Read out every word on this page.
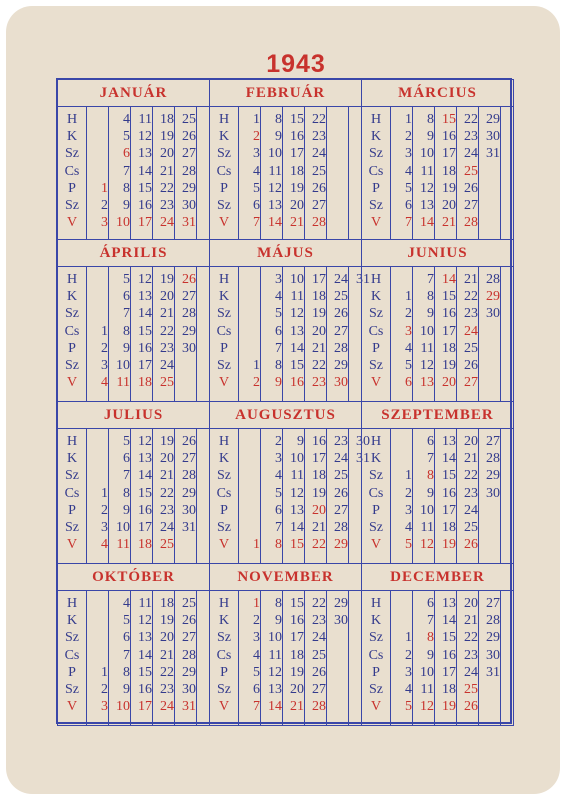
1943
JANUÁR
H
K
Sz
Cs
P
Sz
V
1
2
3
4
5
6
7
8
9
10
11
12
13
14
15
16
17
18
19
20
21
22
23
24
25
26
27
28
29
30
31
FEBRUÁR
H
K
Sz
Cs
P
Sz
V
1
2
3
4
5
6
7
8
9
10
11
12
13
14
15
16
17
18
19
20
21
22
23
24
25
26
27
28
MÁRCIUS
H
K
Sz
Cs
P
Sz
V
1
2
3
4
5
6
7
8
9
10
11
12
13
14
15
16
17
18
19
20
21
22
23
24
25
26
27
28
29
30
31
ÁPRILIS
H
K
Sz
Cs
P
Sz
V
1
2
3
4
5
6
7
8
9
10
11
12
13
14
15
16
17
18
19
20
21
22
23
24
25
26
27
28
29
30
MÁJUS
H
K
Sz
Cs
P
Sz
V
1
2
3
4
5
6
7
8
9
10
11
12
13
14
15
16
17
18
19
20
21
22
23
24
25
26
27
28
29
30
31
JUNIUS
H
K
Sz
Cs
P
Sz
V
1
2
3
4
5
6
7
8
9
10
11
12
13
14
15
16
17
18
19
20
21
22
23
24
25
26
27
28
29
30
JULIUS
H
K
Sz
Cs
P
Sz
V
1
2
3
4
5
6
7
8
9
10
11
12
13
14
15
16
17
18
19
20
21
22
23
24
25
26
27
28
29
30
31
AUGUSZTUS
H
K
Sz
Cs
P
Sz
V	1
2
3
4
5
6
7
8
9
10
11
12
13
14
15
16
17
18
19
20
21
22
23
24
25
26
27
28
29
30
31
SZEPTEMBER
H
K
Sz
Cs
P
Sz
V
1
2
3
4
5
6
7
8
9
10
11
12
13
14
15
16
17
18
19
20
21
22
23
24
25
26
27
28
29
30
OKTÓBER
H
K
Sz
Cs
P
Sz
V
1
2
3
4
5
6
7
8
9
10
11
12
13
14
15
16
17
18
19
20
21
22
23
24
25
26
27
28
29
30
31
NOVEMBER
H
K
Sz
Cs
P
Sz
V
1
2
3
4
5
6
7
8
9
10
11
12
13
14
15
16
17
18
19
20
21
22
23
24
25
26
27
28
29
30
DECEMBER
H
K
Sz
Cs
P
Sz
V
1
2
3
4
5
6
7
8
9
10
11
12
13
14
15
16
17
18
19
20
21
22
23
24
25
26
27
28
29
30
31
